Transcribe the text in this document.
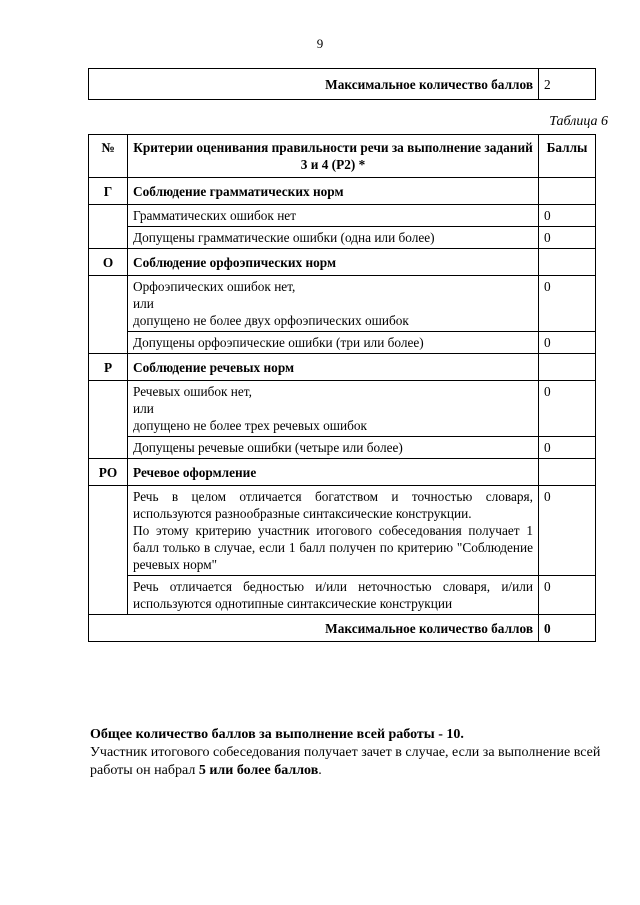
9
Максимальное количество баллов	2
Таблица 6
№	Критерии оценивания правильности речи за выполнение заданий 3 и 4 (Р2) *	Баллы
Г	Соблюдение грамматических норм	
	Грамматических ошибок нет	0
	Допущены грамматические ошибки (одна или более)	0
О	Соблюдение орфоэпических норм	

	Орфоэпических ошибок нет,
или
допущено не более двух орфоэпических ошибок	0
	Допущены орфоэпические ошибки (три или более)	0
Р	Соблюдение речевых норм	

	Речевых ошибок нет,
или
допущено не более трех речевых ошибок	0
	Допущены речевые ошибки (четыре или более)	0
РО	Речевое оформление	

	Речь в целом отличается богатством и точностью словаря, используются разнообразные синтаксические конструкции.
По этому критерию участник итогового собеседования получает 1 балл только в случае, если 1 балл получен по критерию "Соблюдение речевых норм"	0
	Речь отличается бедностью и/или неточностью словаря, и/или используются однотипные синтаксические конструкции	0
Максимальное количество баллов		0
Общее количество баллов за выполнение всей работы - 10.
Участник итогового собеседования получает зачет в случае, если за выполнение всей работы он набрал 5 или более баллов.
